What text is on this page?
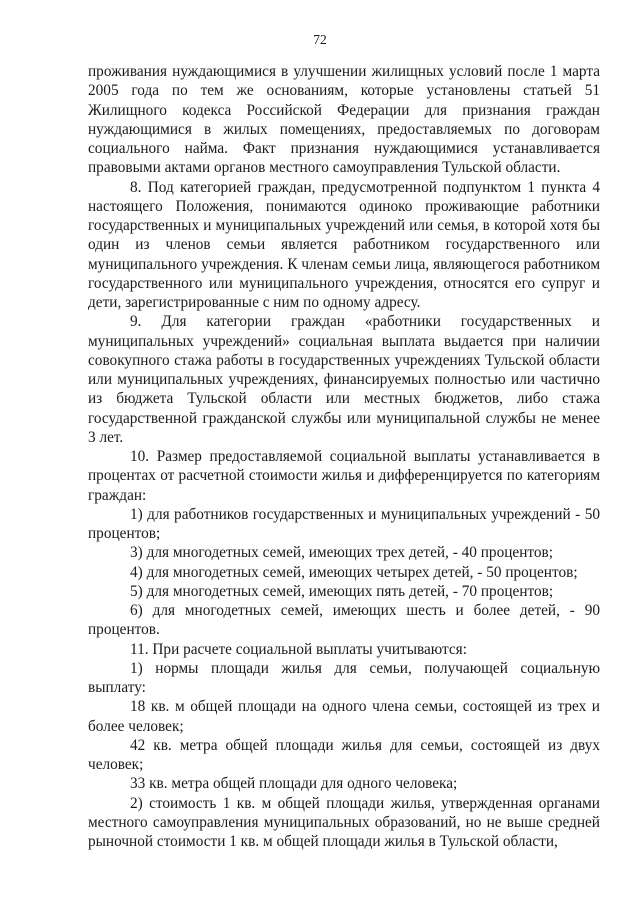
72

проживания нуждающимися в улучшении жилищных условий после 1 марта 2005 года по тем же основаниям, которые установлены статьей 51 Жилищного кодекса Российской Федерации для признания граждан нуждающимися в жилых помещениях, предоставляемых по договорам социального найма. Факт признания нуждающимися устанавливается правовыми актами органов местного самоуправления Тульской области.

8. Под категорией граждан, предусмотренной подпунктом 1 пункта 4 настоящего Положения, понимаются одиноко проживающие работники государственных и муниципальных учреждений или семья, в которой хотя бы один из членов семьи является работником государственного или муниципального учреждения. К членам семьи лица, являющегося работником государственного или муниципального учреждения, относятся его супруг и дети, зарегистрированные с ним по одному адресу.

9. Для категории граждан «работники государственных и муниципальных учреждений» социальная выплата выдается при наличии совокупного стажа работы в государственных учреждениях Тульской области или муниципальных учреждениях, финансируемых полностью или частично из бюджета Тульской области или местных бюджетов, либо стажа государственной гражданской службы или муниципальной службы не менее 3 лет.

10. Размер предоставляемой социальной выплаты устанавливается в процентах от расчетной стоимости жилья и дифференцируется по категориям граждан:

1) для работников государственных и муниципальных учреждений - 50 процентов;

3) для многодетных семей, имеющих трех детей, - 40 процентов;

4) для многодетных семей, имеющих четырех детей, - 50 процентов;

5) для многодетных семей, имеющих пять детей, - 70 процентов;

6) для многодетных семей, имеющих шесть и более детей, - 90 процентов.

11. При расчете социальной выплаты учитываются:

1) нормы площади жилья для семьи, получающей социальную выплату:

18 кв. м общей площади на одного члена семьи, состоящей из трех и более человек;

42 кв. метра общей площади жилья для семьи, состоящей из двух человек;

33 кв. метра общей площади для одного человека;

2) стоимость 1 кв. м общей площади жилья, утвержденная органами местного самоуправления муниципальных образований, но не выше средней рыночной стоимости 1 кв. м общей площади жилья в Тульской области,
